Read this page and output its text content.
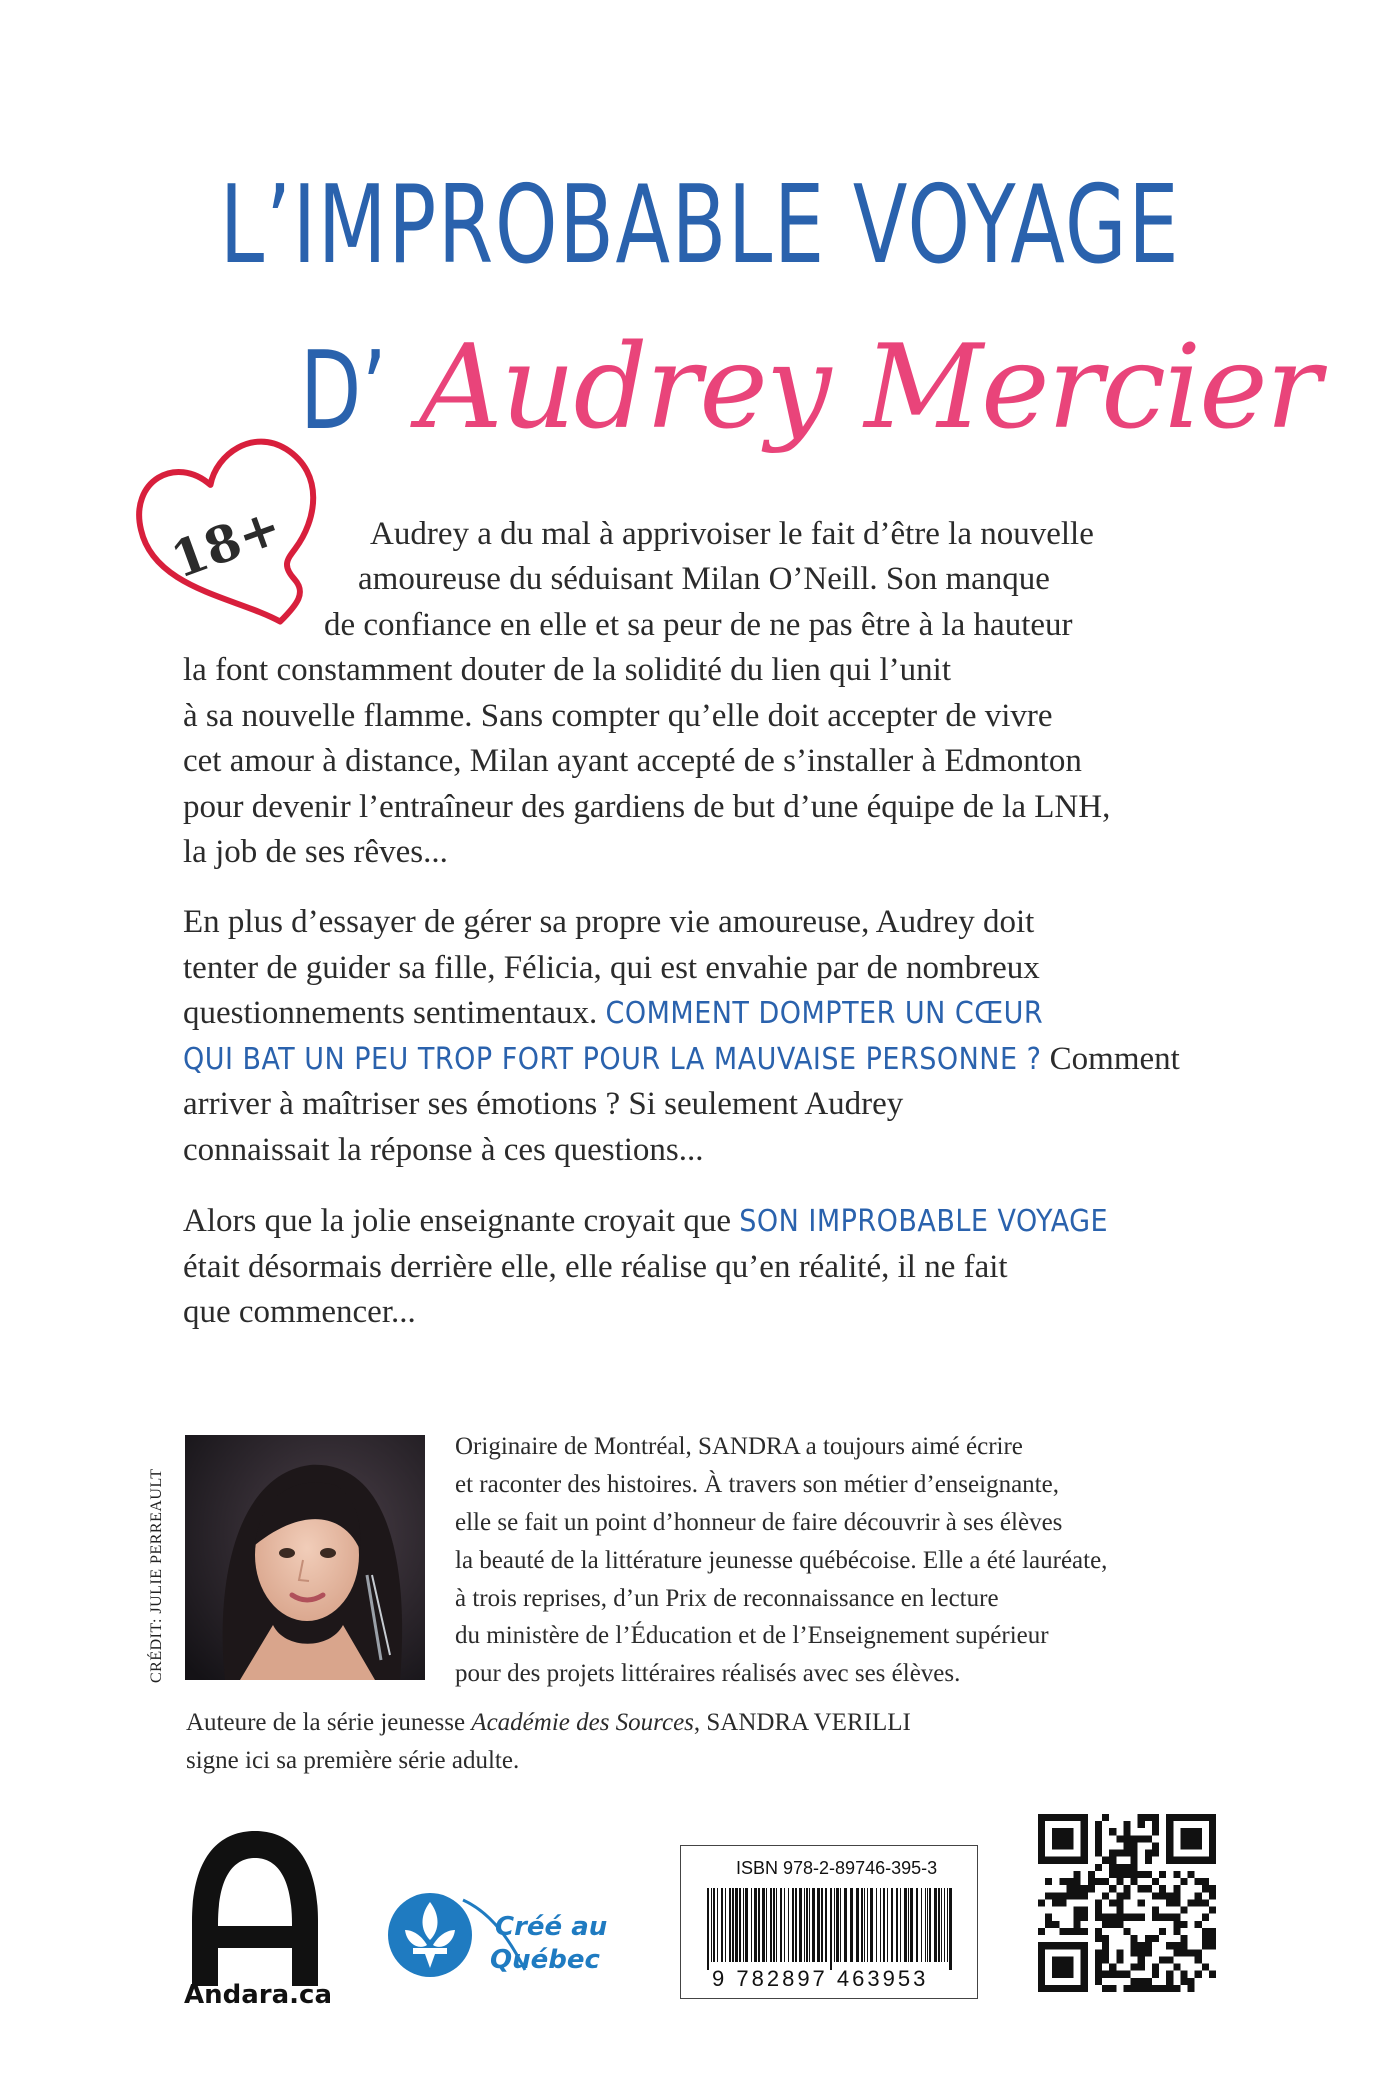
L’IMPROBABLE VOYAGE
D’ Audrey Mercier
18+ Audrey a du mal à apprivoiser le fait d’être la nouvelle
amoureuse du séduisant Milan O’Neill. Son manque
de confiance en elle et sa peur de ne pas être à la hauteur
la font constamment douter de la solidité du lien qui l’unit
à sa nouvelle flamme. Sans compter qu’elle doit accepter de vivre
cet amour à distance, Milan ayant accepté de s’installer à Edmonton
pour devenir l’entraîneur des gardiens de but d’une équipe de la LNH,
la job de ses rêves...
En plus d’essayer de gérer sa propre vie amoureuse, Audrey doit
tenter de guider sa fille, Félicia, qui est envahie par de nombreux
questionnements sentimentaux. COMMENT DOMPTER UN CŒUR
QUI BAT UN PEU TROP FORT POUR LA MAUVAISE PERSONNE ? Comment
arriver à maîtriser ses émotions ? Si seulement Audrey
connaissait la réponse à ces questions...
Alors que la jolie enseignante croyait que SON IMPROBABLE VOYAGE
était désormais derrière elle, elle réalise qu’en réalité, il ne fait
que commencer...
CRÉDIT: JULIE PERREAULT
Originaire de Montréal, SANDRA a toujours aimé écrire
et raconter des histoires. À travers son métier d’enseignante,
elle se fait un point d’honneur de faire découvrir à ses élèves
la beauté de la littérature jeunesse québécoise. Elle a été lauréate,
à trois reprises, d’un Prix de reconnaissance en lecture
du ministère de l’Éducation et de l’Enseignement supérieur
pour des projets littéraires réalisés avec ses élèves.
Auteure de la série jeunesse Académie des Sources, SANDRA VERILLI
signe ici sa première série adulte.
Andara.ca
Créé au
Québec
ISBN 978-2-89746-395-3
9 782897 463953
